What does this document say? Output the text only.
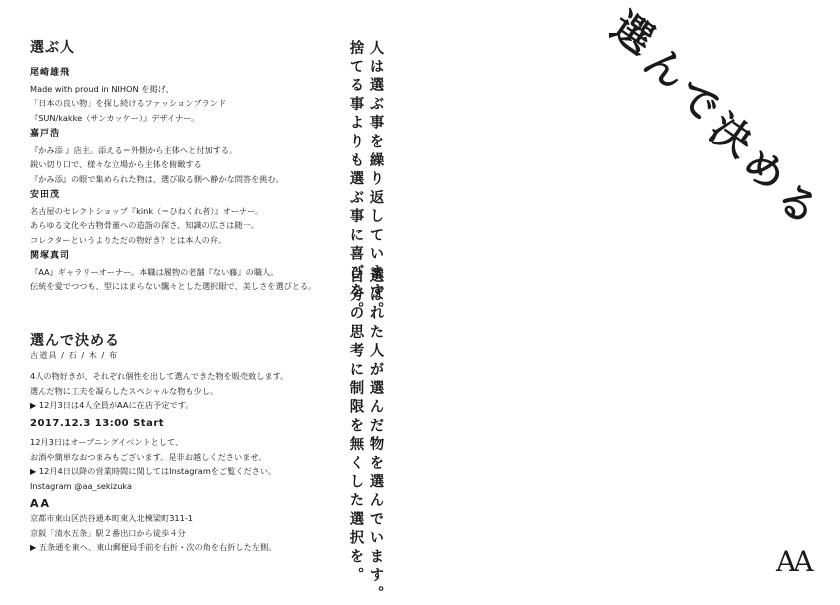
選ぶ人
尾崎雄飛
Made with proud in NIHON を掲げ、
「日本の良い物」を探し続けるファッションブランド
『SUN/kakke（サンカッケー）』デザイナー。
嘉戸浩
『かみ添 』店主。添える＝外側から主体へと付加する。
鋭い切り口で、様々な立場から主体を俯瞰する
『かみ添』の眼で集められた物は、選び取る側へ静かな問答を挑む。
安田茂
名古屋のセレクトショップ『kink（＝ひねくれ者）』オーナー。
あらゆる文化や古物骨董への造詣の深さ、知識の広さは随一。
コレクターというよりただの物好き？とは本人の弁。
関塚真司
『AA』ギャラリーオーナー。本職は履物の老舗『ない藤』の職人。
伝統を愛でつつも、型にはまらない飄々とした選択眼で、美しさを選びとる。
選んで決める
古道具 / 石 / 木 / 布
4人の物好きが、それぞれ個性を出して選んできた物を販売致します。
選んだ物に工夫を凝らしたスペシャルな物も少し。
▶ 12月3日は4人全員がAAに在店予定です。
2017.12.3 13:00 Start
12月3日はオープニングイベントとして、
お酒や簡単なおつまみもございます。是非お越しくださいませ。
▶ 12月4日以降の営業時間に関してはInstagramをご覧ください。
Instagram @aa_sekizuka
AA
京都市東山区渋谷通本町東入北棟梁町311-1
京阪「清水五条」駅２番出口から徒歩４分
▶ 五条通を東へ、東山郵便局手前を右折・次の角を右折した左側。
人は選ぶ事を繰り返しています。
捨てる事よりも選ぶ事に喜びを。
選ばれた人が選んだ物を選んでいます。
自分の思考に制限を無くした選択を。
選
ん
で
決
め
る
AA
